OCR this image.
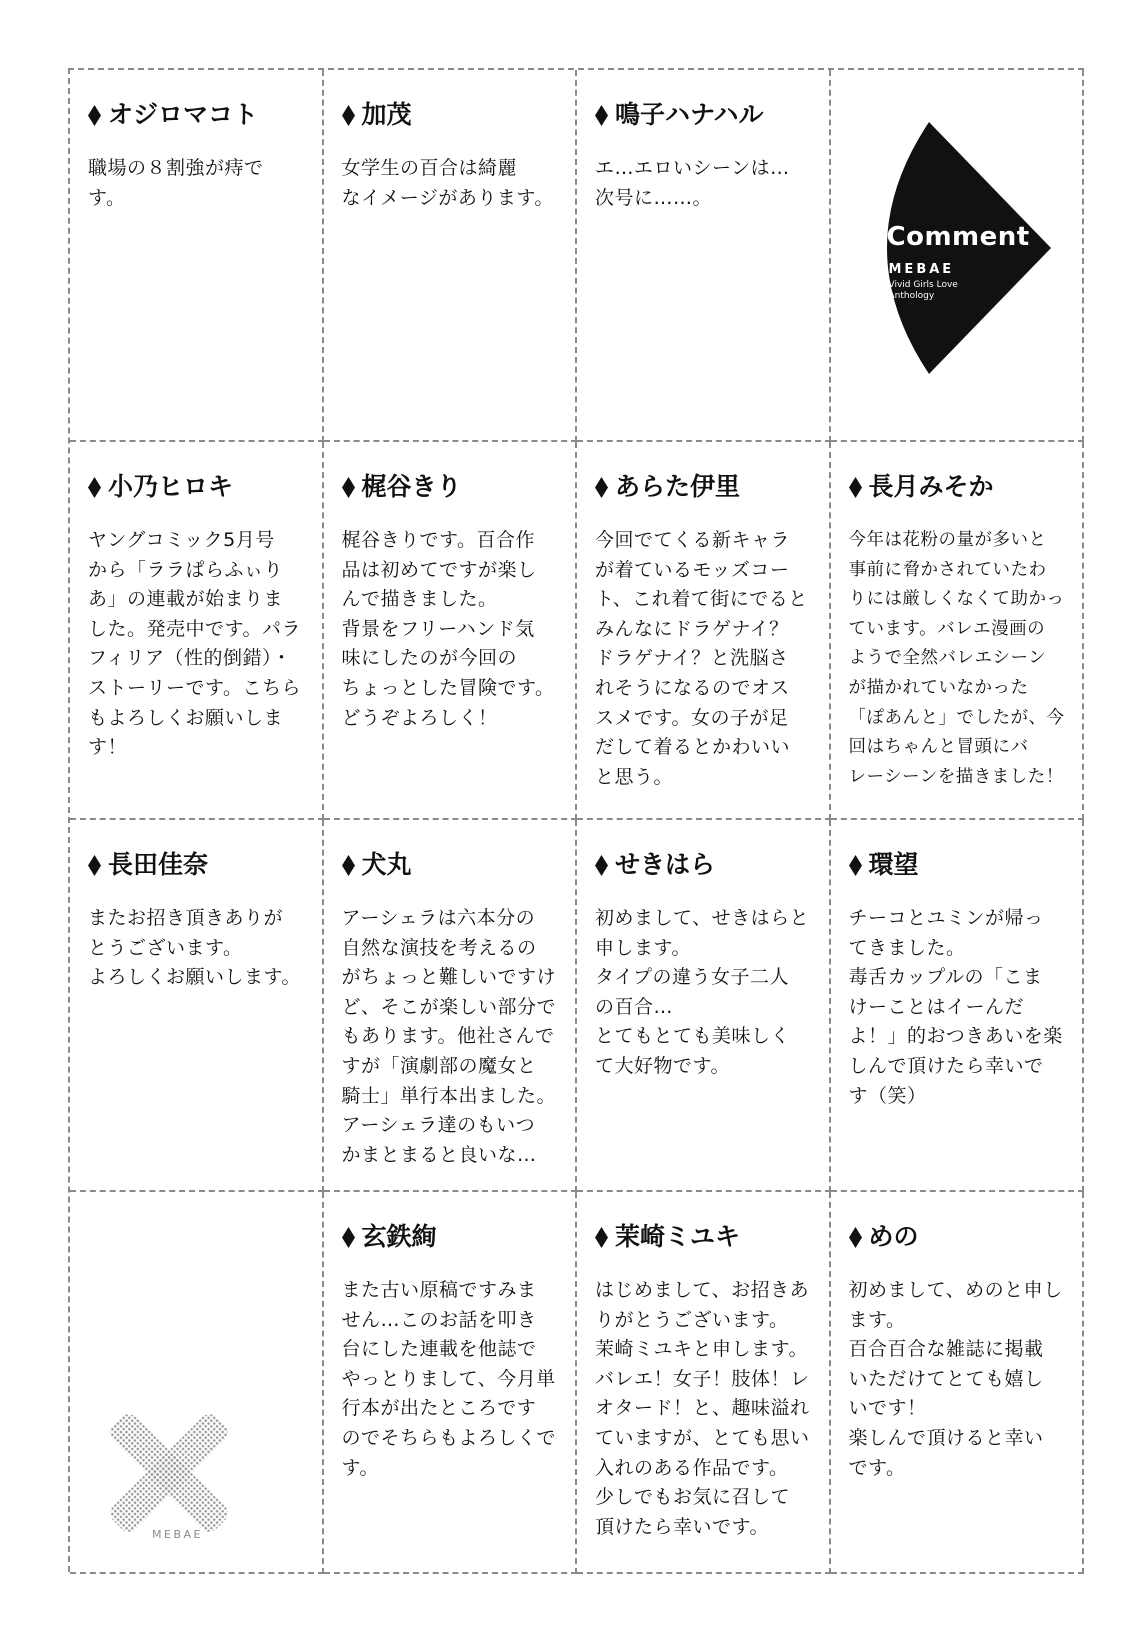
オジロマコト

職場の８割強が痔で
す。

加茂

女学生の百合は綺麗
なイメージがあります。

鳴子ハナハル

エ…エロいシーンは…
次号に……。

Comment
MEBAE
Vivid Girls Love
Anthology
小乃ヒロキ

ヤングコミック5月号
から「ララぱらふぃり
あ」の連載が始まりま
した。発売中です。パラ
フィリア（性的倒錯）・
ストーリーです。こちら
もよろしくお願いしま
す！

梶谷きり

梶谷きりです。百合作
品は初めてですが楽し
んで描きました。
背景をフリーハンド気
味にしたのが今回の
ちょっとした冒険です。
どうぞよろしく！

あらた伊里

今回でてくる新キャラ
が着ているモッズコー
ト、これ着て街にでると
みんなにドラゲナイ？
ドラゲナイ？と洗脳さ
れそうになるのでオス
スメです。女の子が足
だして着るとかわいい
と思う。

長月みそか

今年は花粉の量が多いと
事前に脅かされていたわ
りには厳しくなくて助かっ
ています。バレエ漫画の
ようで全然バレエシーン
が描かれていなかった
「ぽあんと」でしたが、今
回はちゃんと冒頭にバ
レーシーンを描きました！

長田佳奈

またお招き頂きありが
とうございます。
よろしくお願いします。

犬丸

アーシェラは六本分の
自然な演技を考えるの
がちょっと難しいですけ
ど、そこが楽しい部分で
もあります。他社さんで
すが「演劇部の魔女と
騎士」単行本出ました。
アーシェラ達のもいつ
かまとまると良いな…

せきはら

初めまして、せきはらと
申します。
タイプの違う女子二人
の百合…
とてもとても美味しく
て大好物です。

環望

チーコとユミンが帰っ
てきました。
毒舌カップルの「こま
けーことはイーんだ
よ！」的おつきあいを楽
しんで頂けたら幸いで
す（笑）

MEBAE
玄鉄絢

また古い原稿ですみま
せん…このお話を叩き
台にした連載を他誌で
やっとりまして、今月単
行本が出たところです
のでそちらもよろしくで
す。

茉崎ミユキ

はじめまして、お招きあ
りがとうございます。
茉崎ミユキと申します。
バレエ！女子！肢体！レ
オタード！と、趣味溢れ
ていますが、とても思い
入れのある作品です。
少しでもお気に召して
頂けたら幸いです。

めの

初めまして、めのと申し
ます。
百合百合な雑誌に掲載
いただけてとても嬉し
いです！
楽しんで頂けると幸い
です。
